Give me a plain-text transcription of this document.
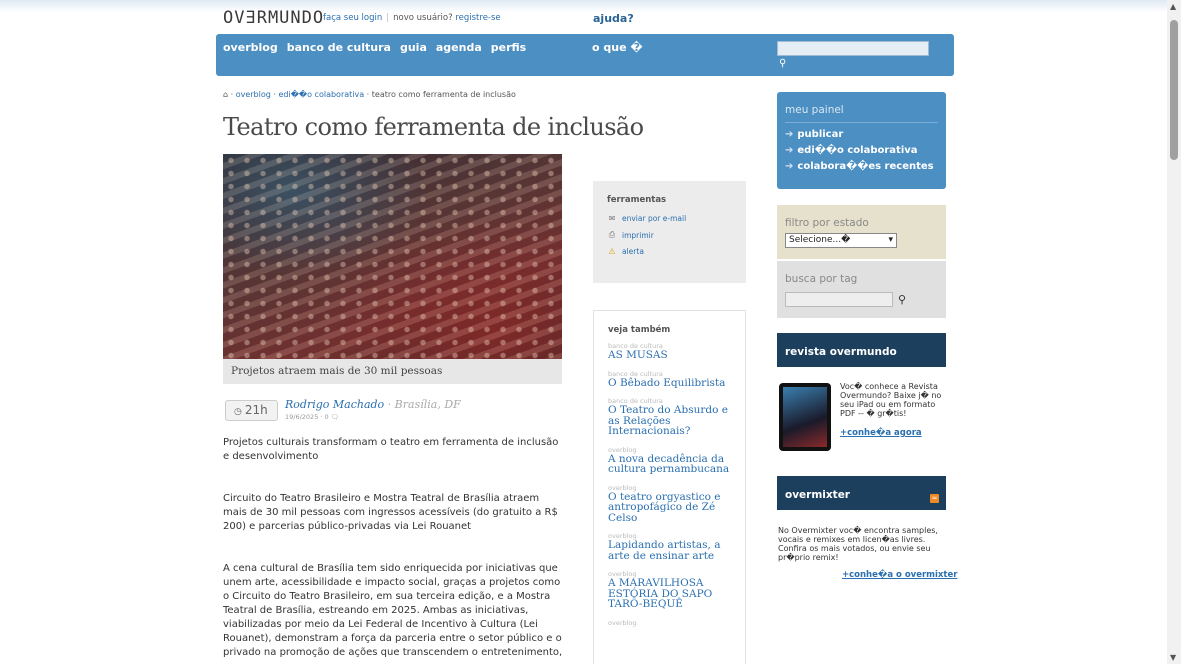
OV∃RMUNDO
faça seu login | novo usuário? registre-se	ajuda?
overblog banco de cultura guia agenda perfis	o que �
⚲
⌂ · overblog · edi��o colaborativa · teatro como ferramenta de inclusão
Teatro como ferramenta de inclusão
Projetos atraem mais de 30 mil pessoas
◷ 21h	Rodrigo Machado · Brasília, DF
19/6/2025 · 0 🗨

Projetos culturais transformam o teatro em ferramenta de inclusão e desenvolvimento

Circuito do Teatro Brasileiro e Mostra Teatral de Brasília atraem mais de 30 mil pessoas com ingressos acessíveis (do gratuito a R$ 200) e parcerias público-privadas via Lei Rouanet

A cena cultural de Brasília tem sido enriquecida por iniciativas que unem arte, acessibilidade e impacto social, graças a projetos como o Circuito do Teatro Brasileiro, em sua terceira edição, e a Mostra Teatral de Brasília, estreando em 2025. Ambas as iniciativas, viabilizadas por meio da Lei Federal de Incentivo à Cultura (Lei Rouanet), demonstram a força da parceria entre o setor público e o privado na promoção de ações que transcendem o entretenimento,

ferramentas
✉ enviar por e-mail
⎙ imprimir
⚠ alerta
veja também
banco de cultura
AS MUSAS
banco de cultura
O Bêbado Equilibrista
banco de cultura
O Teatro do Absurdo e as Relações Internacionais?
overblog
A nova decadência da cultura pernambucana
overblog
O teatro orgyastico e antropofágico de Zé Celso
overblog
Lapidando artistas, a arte de ensinar arte
overblog
A MARAVILHOSA ESTÓRIA DO SAPO TARÔ-BEQUÊ
overblog
meu painel
➔ publicar
➔ edi��o colaborativa
➔ colabora��es recentes
filtro por estado
Selecione...�	▾
busca por tag
⚲
revista overmundo
Voc� conhece a Revista Overmundo? Baixe j� no seu iPad ou em formato PDF -- � gr�tis!
+conhe�a agora
overmixter	≈
No Overmixter voc� encontra samples, vocais e remixes em licen�as livres. Confira os mais votados, ou envie seu pr�prio remix!
+conhe�a o overmixter
▲
▼
